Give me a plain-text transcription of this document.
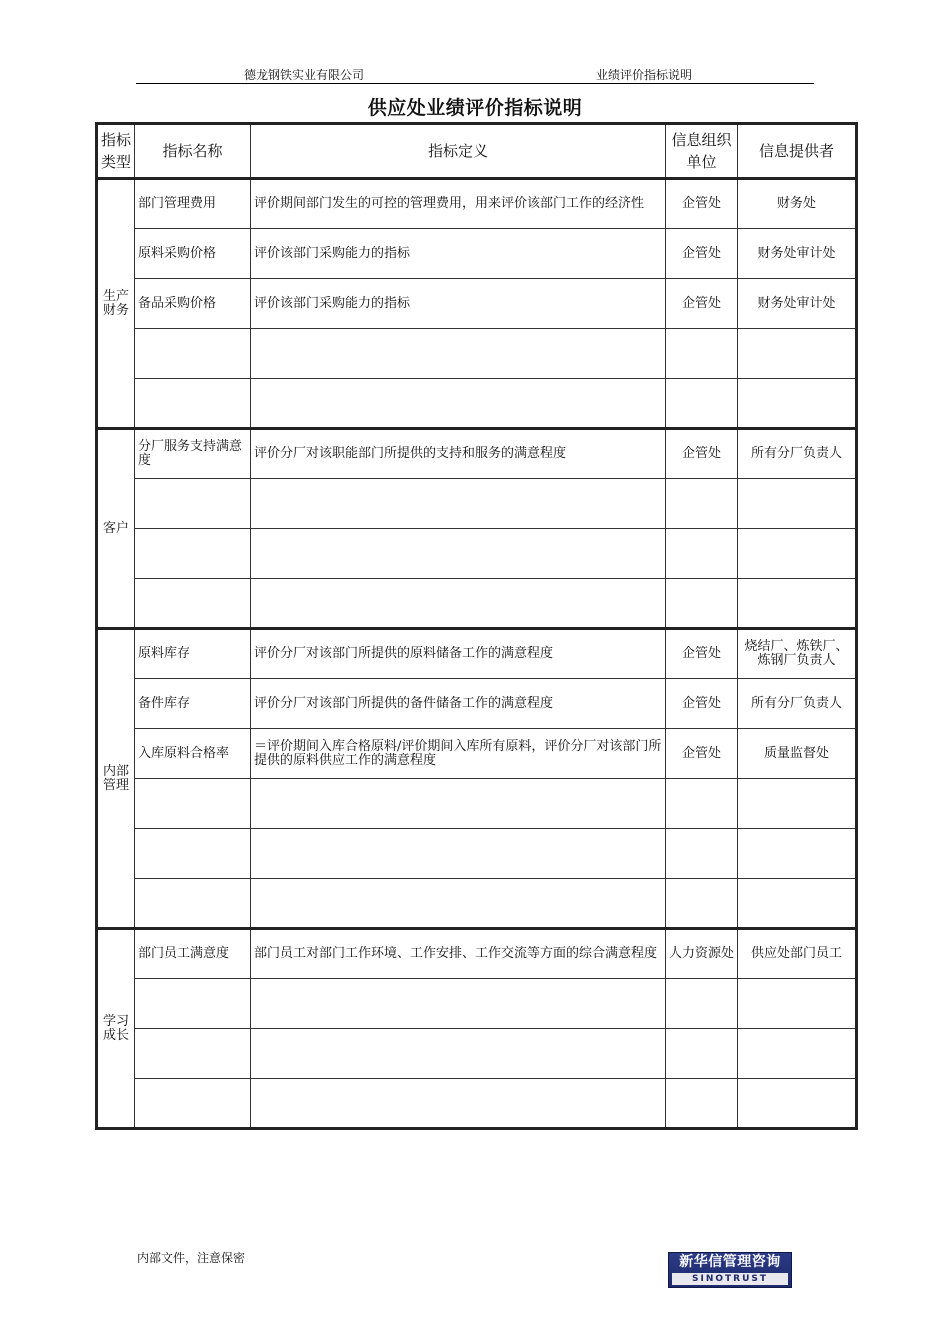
德龙钢铁实业有限公司	业绩评价指标说明
供应处业绩评价指标说明
指标类型	指标名称	指标定义	信息组织单位	信息提供者

生产财务	部门管理费用	评价期间部门发生的可控的管理费用，用来评价该部门工作的经济性	企管处	财务处
	原料采购价格	评价该部门采购能力的指标	企管处	财务处审计处
	备品采购价格	评价该部门采购能力的指标	企管处	财务处审计处

客户	分厂服务支持满意度	评价分厂对该职能部门所提供的支持和服务的满意程度	企管处	所有分厂负责人

内部管理	原料库存	评价分厂对该部门所提供的原料储备工作的满意程度	企管处	烧结厂、炼铁厂、炼钢厂负责人
	备件库存	评价分厂对该部门所提供的备件储备工作的满意程度	企管处	所有分厂负责人
	入库原料合格率	＝评价期间入库合格原料/评价期间入库所有原料，评价分厂对该部门所提供的原料供应工作的满意程度	企管处	质量监督处

学习成长	部门员工满意度	部门员工对部门工作环境、工作安排、工作交流等方面的综合满意程度	人力资源处	供应处部门员工

内部文件，注意保密	新华信管理咨询
SINOTRUST
